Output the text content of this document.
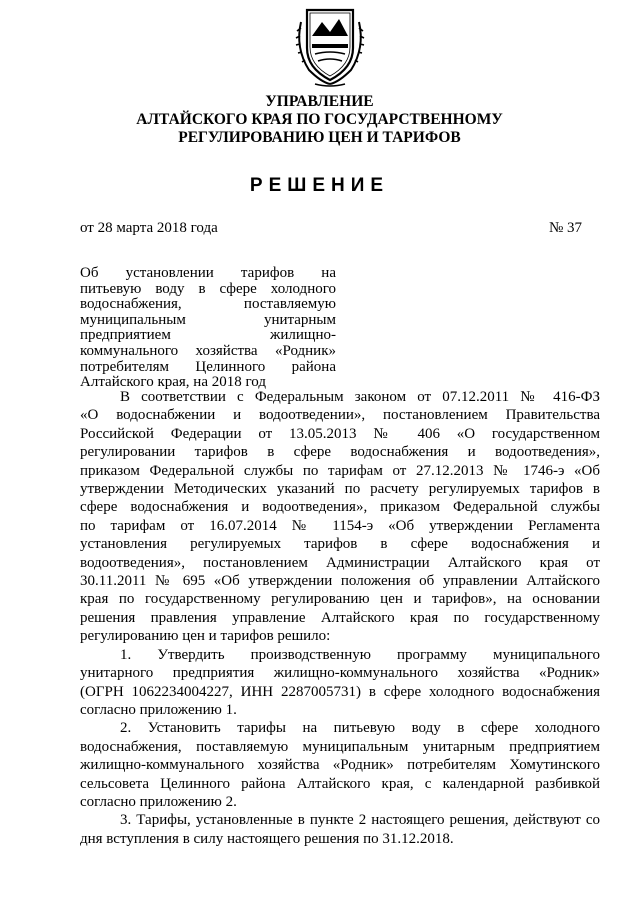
УПРАВЛЕНИЕ
АЛТАЙСКОГО КРАЯ ПО ГОСУДАРСТВЕННОМУ
РЕГУЛИРОВАНИЮ ЦЕН И ТАРИФОВ
РЕШЕНИЕ
от 28 марта 2018 года	№ 37
Об установлении тарифов на
питьевую воду в сфере холодного
водоснабжения, поставляемую
муниципальным унитарным
предприятием жилищно-
коммунального хозяйства «Родник»
потребителям Целинного района
Алтайского края, на 2018 год
В соответствии с Федеральным законом от 07.12.2011 № 416-ФЗ
«О водоснабжении и водоотведении», постановлением Правительства
Российской Федерации от 13.05.2013 № 406 «О государственном
регулировании тарифов в сфере водоснабжения и водоотведения»,
приказом Федеральной службы по тарифам от 27.12.2013 № 1746-э «Об
утверждении Методических указаний по расчету регулируемых тарифов в
сфере водоснабжения и водоотведения», приказом Федеральной службы
по тарифам от 16.07.2014 № 1154-э «Об утверждении Регламента
установления регулируемых тарифов в сфере водоснабжения и
водоотведения», постановлением Администрации Алтайского края от
30.11.2011 № 695 «Об утверждении положения об управлении Алтайского
края по государственному регулированию цен и тарифов», на основании
решения правления управление Алтайского края по государственному
регулированию цен и тарифов решило:
1. Утвердить производственную программу муниципального
унитарного предприятия жилищно-коммунального хозяйства «Родник»
(ОГРН 1062234004227, ИНН 2287005731) в сфере холодного водоснабжения
согласно приложению 1.
2. Установить тарифы на питьевую воду в сфере холодного
водоснабжения, поставляемую муниципальным унитарным предприятием
жилищно-коммунального хозяйства «Родник» потребителям Хомутинского
сельсовета Целинного района Алтайского края, с календарной разбивкой
согласно приложению 2.
3. Тарифы, установленные в пункте 2 настоящего решения, действуют со
дня вступления в силу настоящего решения по 31.12.2018.
